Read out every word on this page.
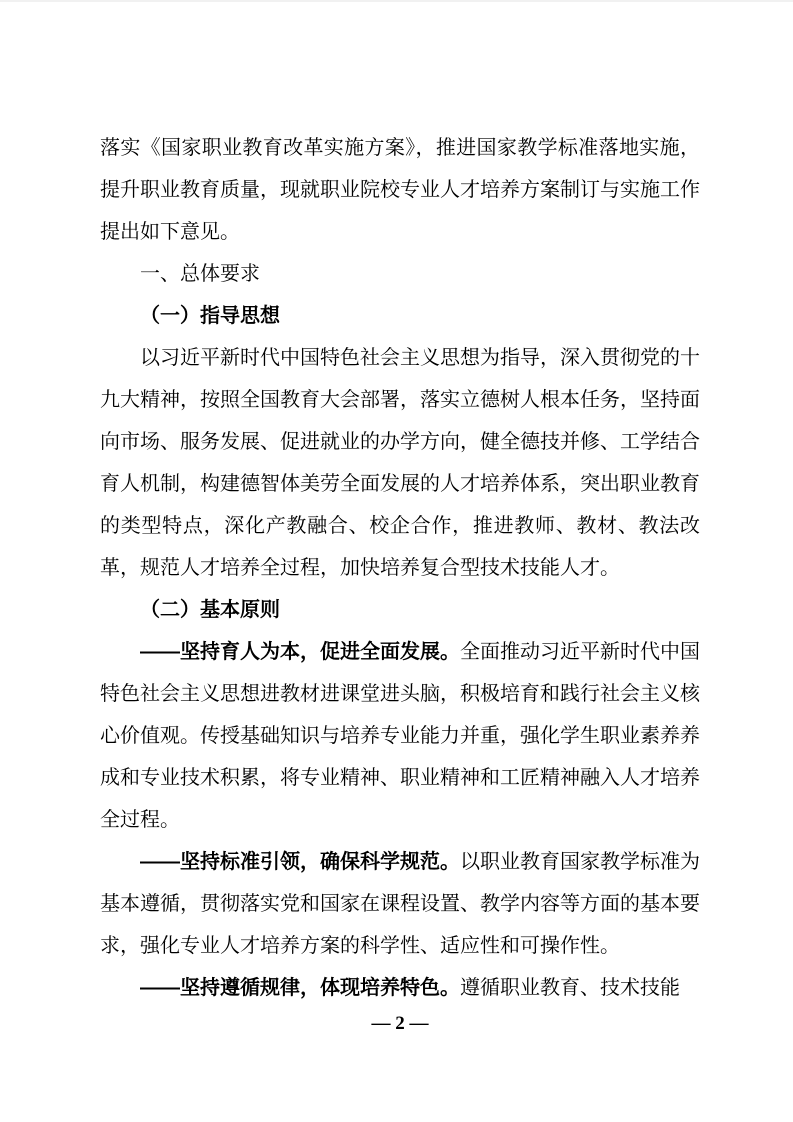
落实《国家职业教育改革实施方案》，推进国家教学标准落地实施，提升职业教育质量，现就职业院校专业人才培养方案制订与实施工作提出如下意见。

一、总体要求

（一）指导思想

以习近平新时代中国特色社会主义思想为指导，深入贯彻党的十九大精神，按照全国教育大会部署，落实立德树人根本任务，坚持面向市场、服务发展、促进就业的办学方向，健全德技并修、工学结合育人机制，构建德智体美劳全面发展的人才培养体系，突出职业教育的类型特点，深化产教融合、校企合作，推进教师、教材、教法改革，规范人才培养全过程，加快培养复合型技术技能人才。

（二）基本原则

——坚持育人为本，促进全面发展。全面推动习近平新时代中国特色社会主义思想进教材进课堂进头脑，积极培育和践行社会主义核心价值观。传授基础知识与培养专业能力并重，强化学生职业素养养成和专业技术积累，将专业精神、职业精神和工匠精神融入人才培养全过程。

——坚持标准引领，确保科学规范。以职业教育国家教学标准为基本遵循，贯彻落实党和国家在课程设置、教学内容等方面的基本要求，强化专业人才培养方案的科学性、适应性和可操作性。

——坚持遵循规律，体现培养特色。遵循职业教育、技术技能

— 2 —
